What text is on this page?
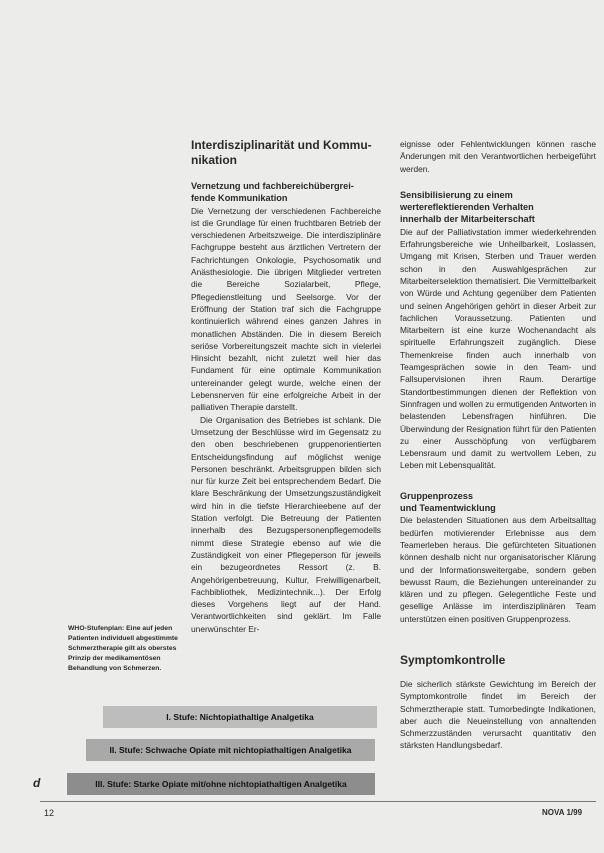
Interdisziplinarität und Kommu-
nikation
Vernetzung und fachbereichübergrei-
fende Kommunikation

Die Vernetzung der verschiedenen Fachbereiche ist die Grundlage für einen fruchtbaren Betrieb der verschiedenen Arbeitszweige. Die interdisziplinäre Fachgruppe besteht aus ärztlichen Vertretern der Fachrichtungen Onkologie, Psychosomatik und Anästhesiologie. Die übrigen Mitglieder vertreten die Bereiche Sozialarbeit, Pflege, Pflegedienstleitung und Seelsorge. Vor der Eröffnung der Station traf sich die Fachgruppe kontinuierlich während eines ganzen Jahres in monatlichen Abständen. Die in diesem Bereich seriöse Vorbereitungszeit machte sich in vielerlei Hinsicht bezahlt, nicht zuletzt weil hier das Fundament für eine optimale Kommunikation untereinander gelegt wurde, welche einen der Lebensnerven für eine erfolgreiche Arbeit in der palliativen Therapie darstellt.

Die Organisation des Betriebes ist schlank. Die Umsetzung der Beschlüsse wird im Gegensatz zu den oben beschriebenen gruppenorientierten Entscheidungsfindung auf möglichst wenige Personen beschränkt. Arbeitsgruppen bilden sich nur für kurze Zeit bei entsprechendem Bedarf. Die klare Beschränkung der Umsetzungszuständigkeit wird hin in die tiefste Hierarchieebene auf der Station verfolgt. Die Betreuung der Patienten innerhalb des Bezugspersonenpflegemodells nimmt diese Strategie ebenso auf wie die Zuständigkeit von einer Pflegeperson für jeweils ein bezugeordnetes Ressort (z. B. Angehörigenbetreuung, Kultur, Freiwilligenarbeit, Fachbibliothek, Medizintechnik...). Der Erfolg dieses Vorgehens liegt auf der Hand. Verantwortlichkeiten sind geklärt. Im Falle unerwünschter Er-

eignisse oder Fehlentwicklungen können rasche Änderungen mit den Verantwortlichen herbeigeführt werden.

Sensibilisierung zu einem
wertereflektierenden Verhalten
innerhalb der Mitarbeiterschaft

Die auf der Palliativstation immer wiederkehrenden Erfahrungsbereiche wie Unheilbarkeit, Loslassen, Umgang mit Krisen, Sterben und Trauer werden schon in den Auswahlgesprächen zur Mitarbeiterselektion thematisiert. Die Vermittelbarkeit von Würde und Achtung gegenüber dem Patienten und seinen Angehörigen gehört in dieser Arbeit zur fachlichen Voraussetzung. Patienten und Mitarbeitern ist eine kurze Wochenandacht als spirituelle Erfahrungszeit zugänglich. Diese Themenkreise finden auch innerhalb von Teamgesprächen sowie in den Team- und Fallsupervisionen ihren Raum. Derartige Standortbestimmungen dienen der Reflektion von Sinnfragen und wollen zu ermutigenden Antworten in belastenden Lebensfragen hinführen. Die Überwindung der Resignation führt für den Patienten zu einer Ausschöpfung von verfügbarem Lebensraum und damit zu wertvollem Leben, zu Leben mit Lebensqualität.

Gruppenprozess
und Teamentwicklung

Die belastenden Situationen aus dem Arbeitsalltag bedürfen motivierender Erlebnisse aus dem Teamerleben heraus. Die gefürchteten Situationen können deshalb nicht nur organisatorischer Klärung und der Informationsweitergabe, sondern geben bewusst Raum, die Beziehungen untereinander zu klären und zu pflegen. Gelegentliche Feste und gesellige Anlässe im interdisziplinären Team unterstützen einen positiven Gruppenprozess.

Symptomkontrolle

Die sicherlich stärkste Gewichtung im Bereich der Symptomkontrolle findet im Bereich der Schmerztherapie statt. Tumorbedingte Indikationen, aber auch die Neueinstellung von annaltenden Schmerzzuständen verursacht quantitativ den stärksten Handlungsbedarf.

WHO-Stufenplan: Eine auf jeden Patienten individuell abgestimmte Schmerztherapie gilt als oberstes Prinzip der medikamentösen Behandlung von Schmerzen.
I. Stufe: Nichtopiathaltige Analgetika
II. Stufe: Schwache Opiate mit nichtopiathaltigen Analgetika
III. Stufe: Starke Opiate mit/ohne nichtopiathaltigen Analgetika
d
12	NOVA 1/99
